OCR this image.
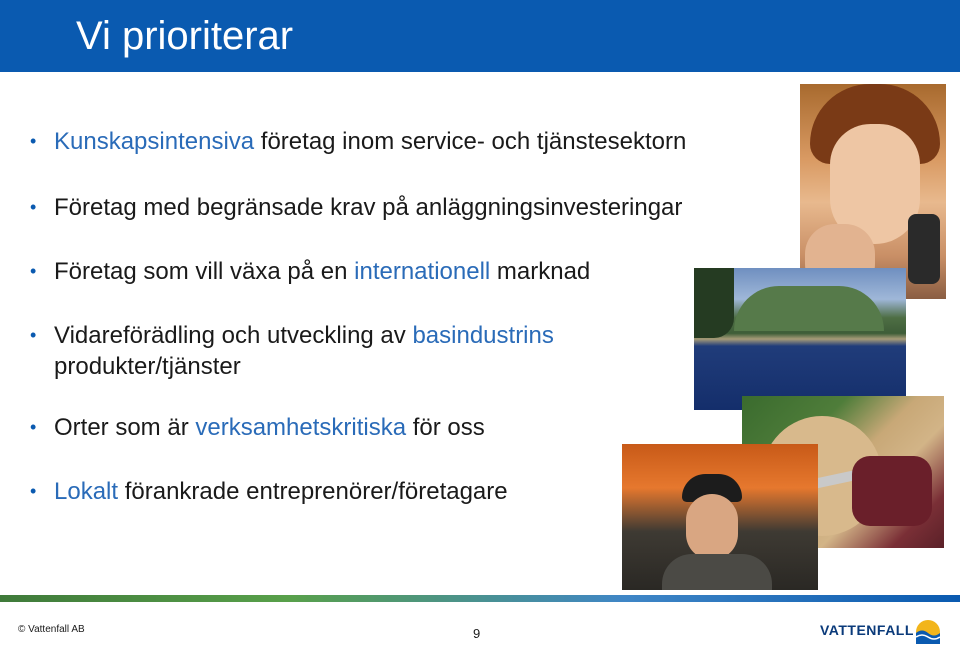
Vi prioriterar
• Kunskapsintensiva företag inom service- och tjänstesektorn
• Företag med begränsade krav på anläggningsinvesteringar
• Företag som vill växa på en internationell marknad
• Vidareförädling och utveckling av basindustrins
produkter/tjänster
• Orter som är verksamhetskritiska för oss
• Lokalt förankrade entreprenörer/företagare
© Vattenfall AB	9	VATTENFALL
